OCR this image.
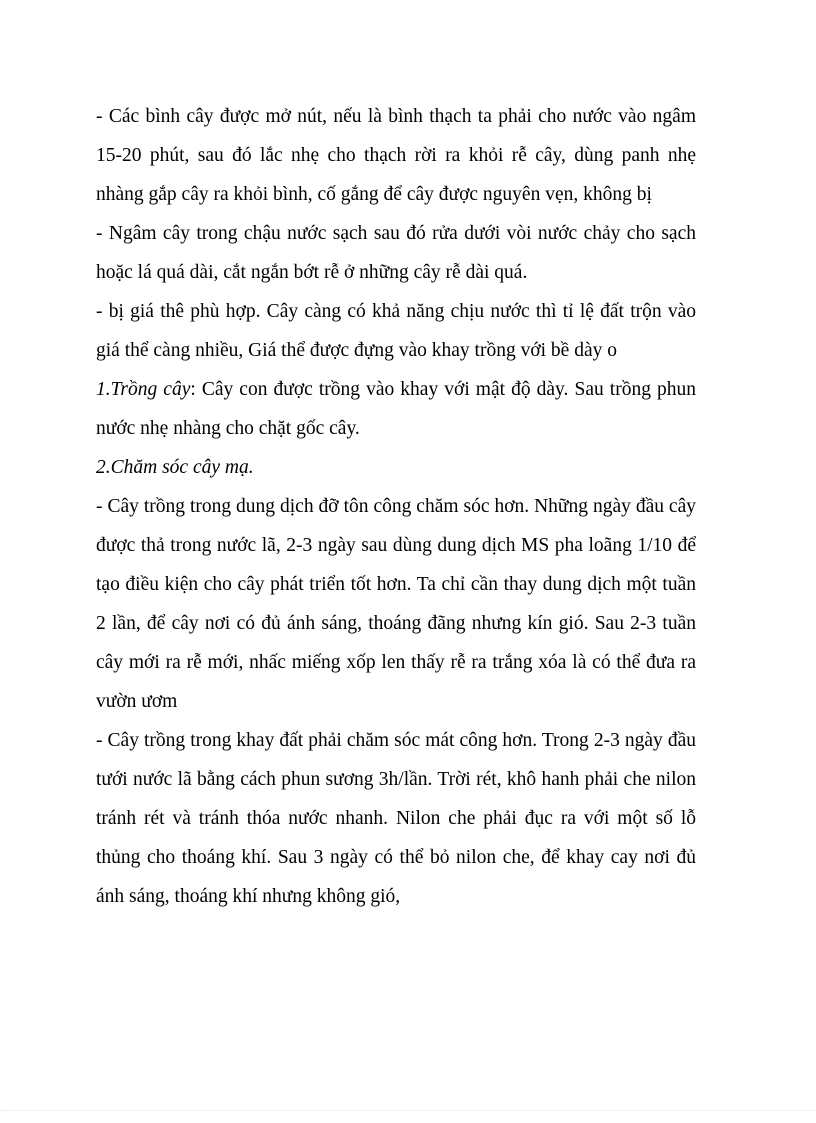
- Các bình cây được mở nút, nếu là bình thạch ta phải cho nước vào ngâm 15-20 phút, sau đó lắc nhẹ cho thạch rời ra khỏi rễ cây, dùng panh nhẹ nhàng gắp cây ra khỏi bình, cố gắng để cây được nguyên vẹn, không bị

- Ngâm cây trong chậu nước sạch sau đó rửa dưới vòi nước chảy cho sạch hoặc lá quá dài, cắt ngắn bớt rễ ở những cây rễ dài quá.

- bị giá thê phù hợp. Cây càng có khả năng chịu nước thì tỉ lệ đất trộn vào giá thể càng nhiều, Giá thể được đựng vào khay trồng với bề dày o

1.Trồng cây: Cây con được trồng vào khay với mật độ dày. Sau trồng phun nước nhẹ nhàng cho chặt gốc cây.

2.Chăm sóc cây mạ.

- Cây trồng trong dung dịch đỡ tôn công chăm sóc hơn. Những ngày đầu cây được thả trong nước lã, 2-3 ngày sau dùng dung dịch MS pha loãng 1/10 để tạo điều kiện cho cây phát triển tốt hơn. Ta chỉ cần thay dung dịch một tuần 2 lần, để cây nơi có đủ ánh sáng, thoáng đãng nhưng kín gió. Sau 2-3 tuần cây mới ra rễ mới, nhấc miếng xốp len thấy rễ ra trắng xóa là có thể đưa ra vườn ươm

- Cây trồng trong khay đất phải chăm sóc mát công hơn. Trong 2-3 ngày đầu tưới nước lã bằng cách phun sương 3h/lần. Trời rét, khô hanh phải che nilon tránh rét và tránh thóa nước nhanh. Nilon che phải đục ra với một số lỗ thủng cho thoáng khí. Sau 3 ngày có thể bỏ nilon che, để khay cay nơi đủ ánh sáng, thoáng khí nhưng không gió,
